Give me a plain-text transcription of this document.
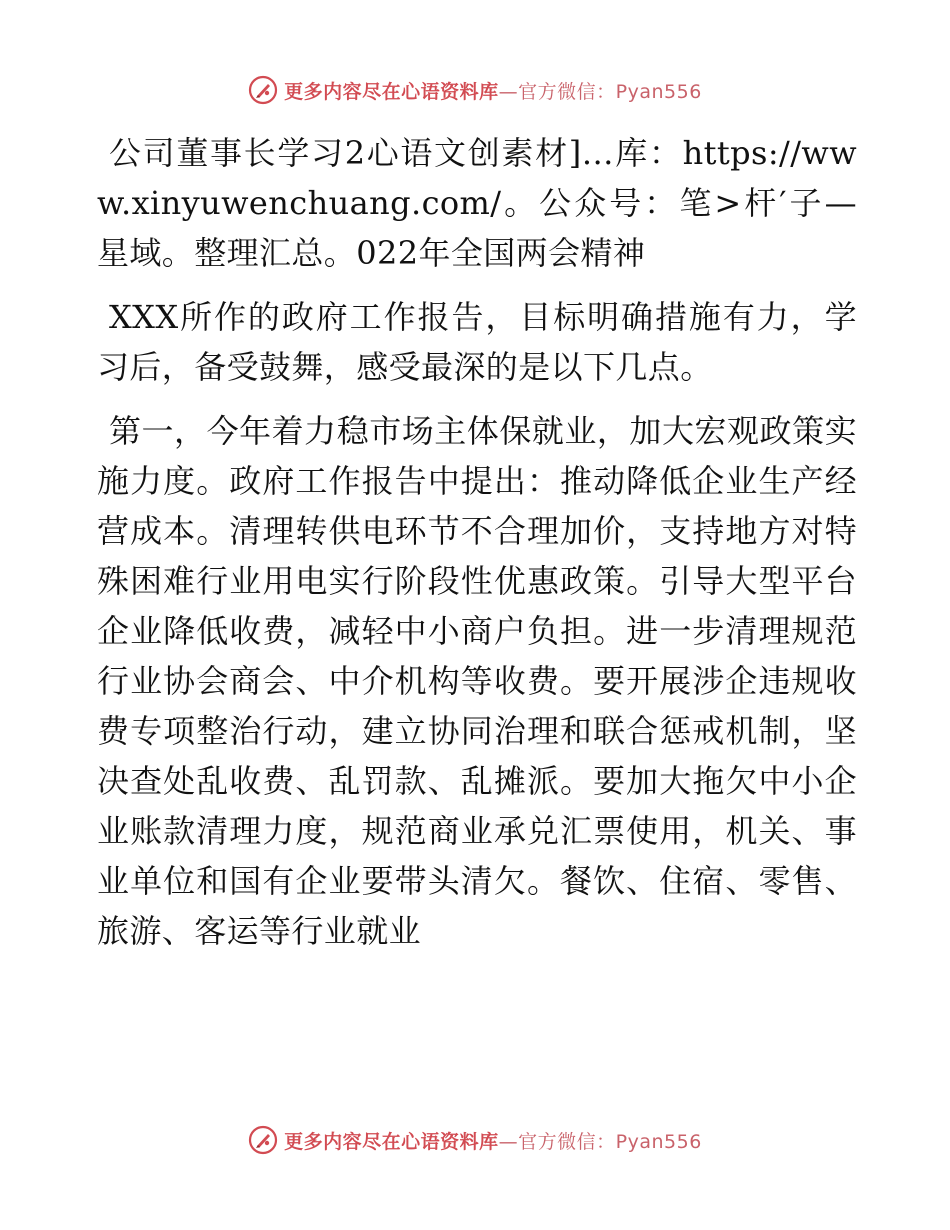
更多内容尽在心语资料库—官方微信：Pyan556

公司董事长学习2心语文创素材]…库：https://www.xinyuwenchuang.com/。公众号：笔>杆′子—星域。整理汇总。022年全国两会精神

XXX所作的政府工作报告，目标明确措施有力，学习后，备受鼓舞，感受最深的是以下几点。

第一，今年着力稳市场主体保就业，加大宏观政策实施力度。政府工作报告中提出：推动降低企业生产经营成本。清理转供电环节不合理加价，支持地方对特殊困难行业用电实行阶段性优惠政策。引导大型平台企业降低收费，减轻中小商户负担。进一步清理规范行业协会商会、中介机构等收费。要开展涉企违规收费专项整治行动，建立协同治理和联合惩戒机制，坚决查处乱收费、乱罚款、乱摊派。要加大拖欠中小企业账款清理力度，规范商业承兑汇票使用，机关、事业单位和国有企业要带头清欠。餐饮、住宿、零售、旅游、客运等行业就业

更多内容尽在心语资料库—官方微信：Pyan556
